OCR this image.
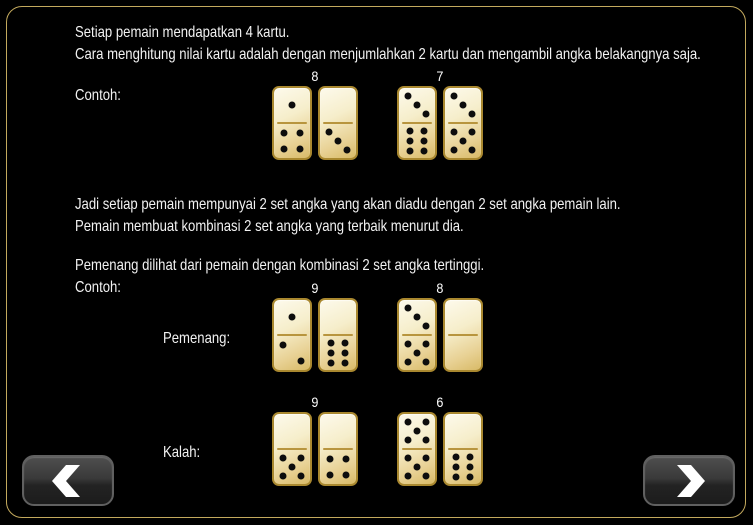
Setiap pemain mendapatkan 4 kartu.
Cara menghitung nilai kartu adalah dengan menjumlahkan 2 kartu dan mengambil angka belakangnya saja.
Contoh:
8	7
Jadi setiap pemain mempunyai 2 set angka yang akan diadu dengan 2 set angka pemain lain.
Pemain membuat kombinasi 2 set angka yang terbaik menurut dia.
Pemenang dilihat dari pemain dengan kombinasi 2 set angka tertinggi.
Contoh:
Pemenang:
9	8
Kalah:
9	6
